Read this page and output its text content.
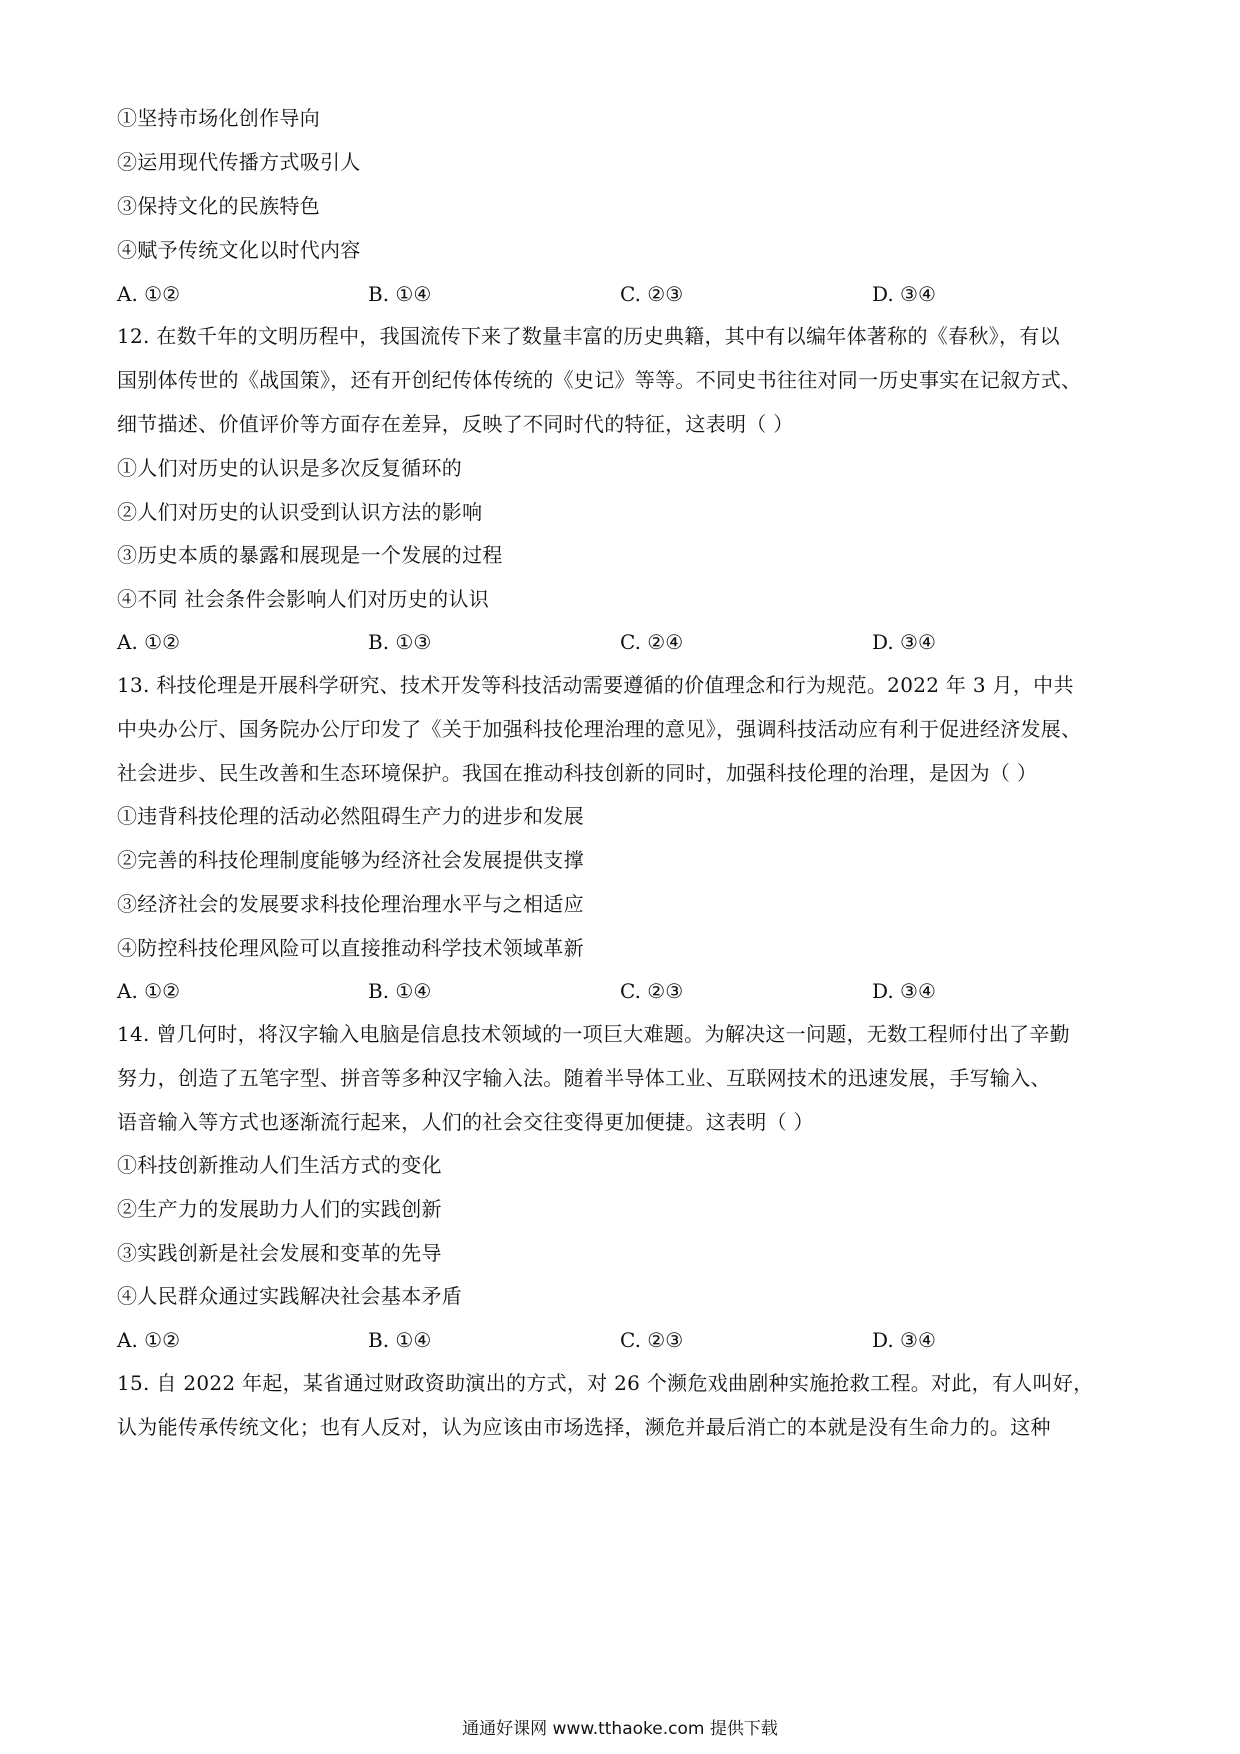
①坚持市场化创作导向
②运用现代传播方式吸引人
③保持文化的民族特色
④赋予传统文化以时代内容
A. ①②	B. ①④	C. ②③	D. ③④
12. 在数千年的文明历程中，我国流传下来了数量丰富的历史典籍，其中有以编年体著称的《春秋》，有以
国别体传世的《战国策》，还有开创纪传体传统的《史记》等等。不同史书往往对同一历史事实在记叙方式、
细节描述、价值评价等方面存在差异，反映了不同时代的特征，这表明（ ）
①人们对历史的认识是多次反复循环的
②人们对历史的认识受到认识方法的影响
③历史本质的暴露和展现是一个发展的过程
④不同 社会条件会影响人们对历史的认识
A. ①②	B. ①③	C. ②④	D. ③④
13. 科技伦理是开展科学研究、技术开发等科技活动需要遵循的价值理念和行为规范。2022 年 3 月，中共
中央办公厅、国务院办公厅印发了《关于加强科技伦理治理的意见》，强调科技活动应有利于促进经济发展、
社会进步、民生改善和生态环境保护。我国在推动科技创新的同时，加强科技伦理的治理，是因为（ ）
①违背科技伦理的活动必然阻碍生产力的进步和发展
②完善的科技伦理制度能够为经济社会发展提供支撑
③经济社会的发展要求科技伦理治理水平与之相适应
④防控科技伦理风险可以直接推动科学技术领域革新
A. ①②	B. ①④	C. ②③	D. ③④
14. 曾几何时，将汉字输入电脑是信息技术领域的一项巨大难题。为解决这一问题，无数工程师付出了辛勤
努力，创造了五笔字型、拼音等多种汉字输入法。随着半导体工业、互联网技术的迅速发展，手写输入、
语音输入等方式也逐渐流行起来，人们的社会交往变得更加便捷。这表明（ ）
①科技创新推动人们生活方式的变化
②生产力的发展助力人们的实践创新
③实践创新是社会发展和变革的先导
④人民群众通过实践解决社会基本矛盾
A. ①②	B. ①④	C. ②③	D. ③④
15. 自 2022 年起，某省通过财政资助演出的方式，对 26 个濒危戏曲剧种实施抢救工程。对此，有人叫好，
认为能传承传统文化；也有人反对，认为应该由市场选择，濒危并最后消亡的本就是没有生命力的。这种
通通好课网 www.tthaoke.com 提供下载
